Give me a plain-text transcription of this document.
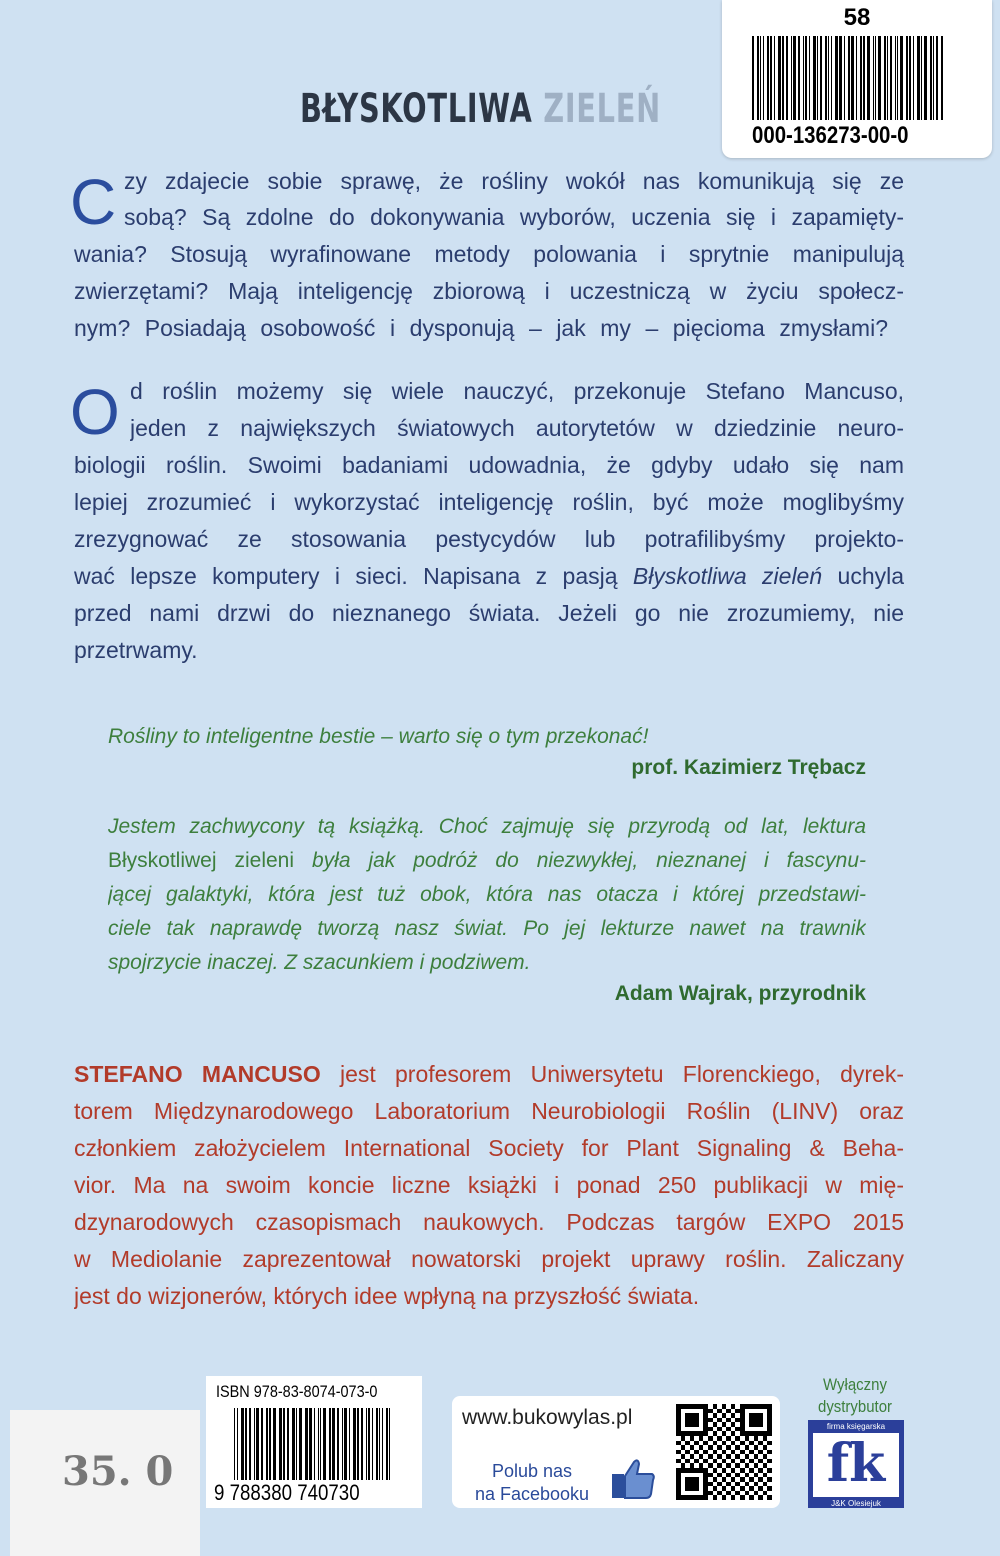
BŁYSKOTLIWA ZIELEŃ
C zy zdajecie sobie sprawę, że rośliny wokół nas komunikują się ze
sobą? Są zdolne do dokonywania wyborów, uczenia się i zapamięty-
wania? Stosują wyrafinowane metody polowania i sprytnie manipulują
zwierzętami? Mają inteligencję zbiorową i uczestniczą w życiu społecz-
nym? Posiadają osobowość i dysponują – jak my – pięcioma zmysłami?
O d roślin możemy się wiele nauczyć, przekonuje Stefano Mancuso,
jeden z największych światowych autorytetów w dziedzinie neuro-
biologii roślin. Swoimi badaniami udowadnia, że gdyby udało się nam
lepiej zrozumieć i wykorzystać inteligencję roślin, być może moglibyśmy
zrezygnować ze stosowania pestycydów lub potrafilibyśmy projekto-
wać lepsze komputery i sieci. Napisana z pasją Błyskotliwa zieleń uchyla
przed nami drzwi do nieznanego świata. Jeżeli go nie zrozumiemy, nie
przetrwamy.
Rośliny to inteligentne bestie – warto się o tym przekonać!
prof. Kazimierz Trębacz
Jestem zachwycony tą książką. Choć zajmuję się przyrodą od lat, lektura
Błyskotliwej zieleni była jak podróż do niezwykłej, nieznanej i fascynu-
jącej galaktyki, która jest tuż obok, która nas otacza i której przedstawi-
ciele tak naprawdę tworzą nasz świat. Po jej lekturze nawet na trawnik
spojrzycie inaczej. Z szacunkiem i podziwem.
Adam Wajrak, przyrodnik
STEFANO MANCUSO jest profesorem Uniwersytetu Florenckiego, dyrek-
torem Międzynarodowego Laboratorium Neurobiologii Roślin (LINV) oraz
członkiem założycielem International Society for Plant Signaling & Beha-
vior. Ma na swoim koncie liczne książki i ponad 250 publikacji w mię-
dzynarodowych czasopismach naukowych. Podczas targów EXPO 2015
w Mediolanie zaprezentował nowatorski projekt uprawy roślin. Zaliczany
jest do wizjonerów, których idee wpłyną na przyszłość świata.
58
000-136273-00-0
35. 0
ISBN 978-83-8074-073-0
9 788380 740730
www.bukowylas.pl
Polub nas
na Facebooku
Wyłączny
dystrybutor
firma księgarska
fk
J&K Olesiejuk
